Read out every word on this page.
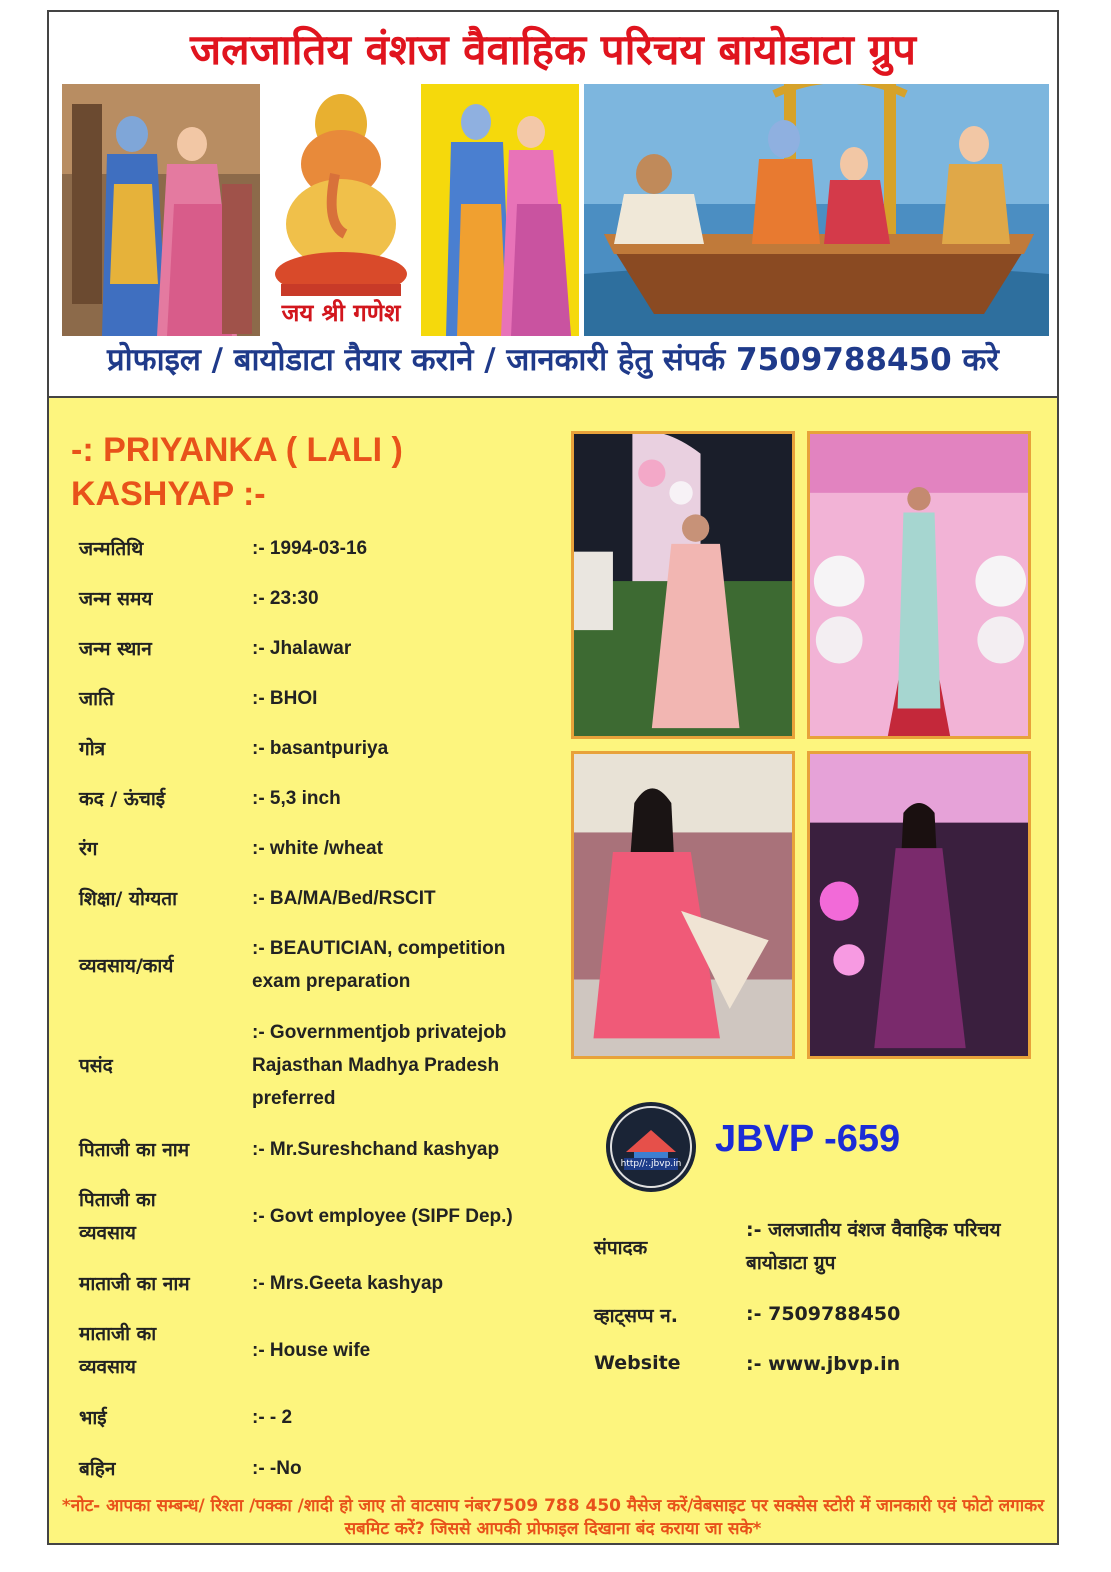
जलजातिय वंशज वैवाहिक परिचय बायोडाटा ग्रुप
जय श्री गणेश
प्रोफाइल / बायोडाटा तैयार कराने / जानकारी हेतु संपर्क 7509788450 करे
-: PRIYANKA ( LALI ) KASHYAP :-
जन्मतिथि	:- 1994-03-16
जन्म समय	:- 23:30
जन्म स्थान	:- Jhalawar
जाति	:- BHOI
गोत्र	:- basantpuriya
कद / ऊंचाई	:- 5,3 inch
रंग	:- white /wheat
शिक्षा/ योग्यता	:- BA/MA/Bed/RSCIT
व्यवसाय/कार्य
:- BEAUTICIAN, competition exam preparation
पसंद
:- Governmentjob privatejob Rajasthan Madhya Pradesh preferred
पिताजी का नाम	:- Mr.Sureshchand kashyap
पिताजी का व्यवसाय
:- Govt employee (SIPF Dep.)
माताजी का नाम	:- Mrs.Geeta kashyap
माताजी का व्यवसाय
:- House wife
भाई	:- - 2
बहिन	:- -No
http//:.jbvp.in
JBVP -659
संपादक
:- जलजातीय वंशज वैवाहिक परिचय बायोडाटा ग्रुप
व्हाट्सप्प न.	:- 7509788450
Website	:- www.jbvp.in
*नोट- आपका सम्बन्ध/ रिश्ता /पक्का /शादी हो जाए तो वाटसाप नंबर7509 788 450 मैसेज करें/वेबसाइट पर सक्सेस स्टोरी में जानकारी एवं फोटो लगाकर सबमिट करें? जिससे आपकी प्रोफाइल दिखाना बंद कराया जा सके*
